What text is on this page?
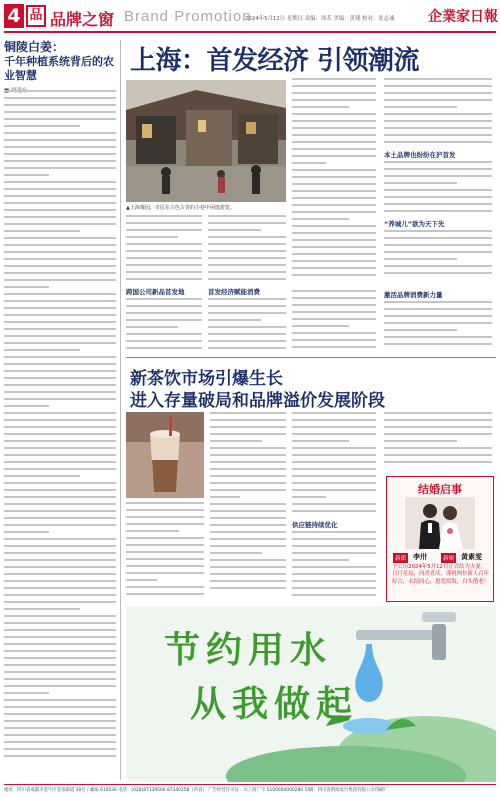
4 品 品牌之窗 Brand Promotion
2024年5月12日 星期日 责编：周若 美编：黄捷 校对：张志诚 企業家日報
铜陵白姜：
千年种植系统背后的农业智慧	上海：首发经济 引领潮流
▲上海豫园，市民在古色古香的小巷中闲逛游览。
本土品牌也纷纷在沪首发
“养城儿”欲为天下先
跨国公司新品首发地	首发经济赋能消费	激活品牌消费新力量
新茶饮市场引爆生长
进入存量破局和品牌溢价发展阶段
供应链持续优化
结婚启事
新郎 李卅	新娘 黄素雯
于公历2024年5月12日正式结为夫妻，日月星辰，同喜喜庆，谨祝两位新人百年好合，永结同心，恩爱似海，白头偕老！
节约用水
从我做起
地址：四川省成都市金牛区金泉街道 30号 / 邮编 610036 电话：(028)87339500 87340258（传真） 广告经营许可证：川工商广字 5100004000280 印刷：四川省新闻发行集团有限公司印刷厂
